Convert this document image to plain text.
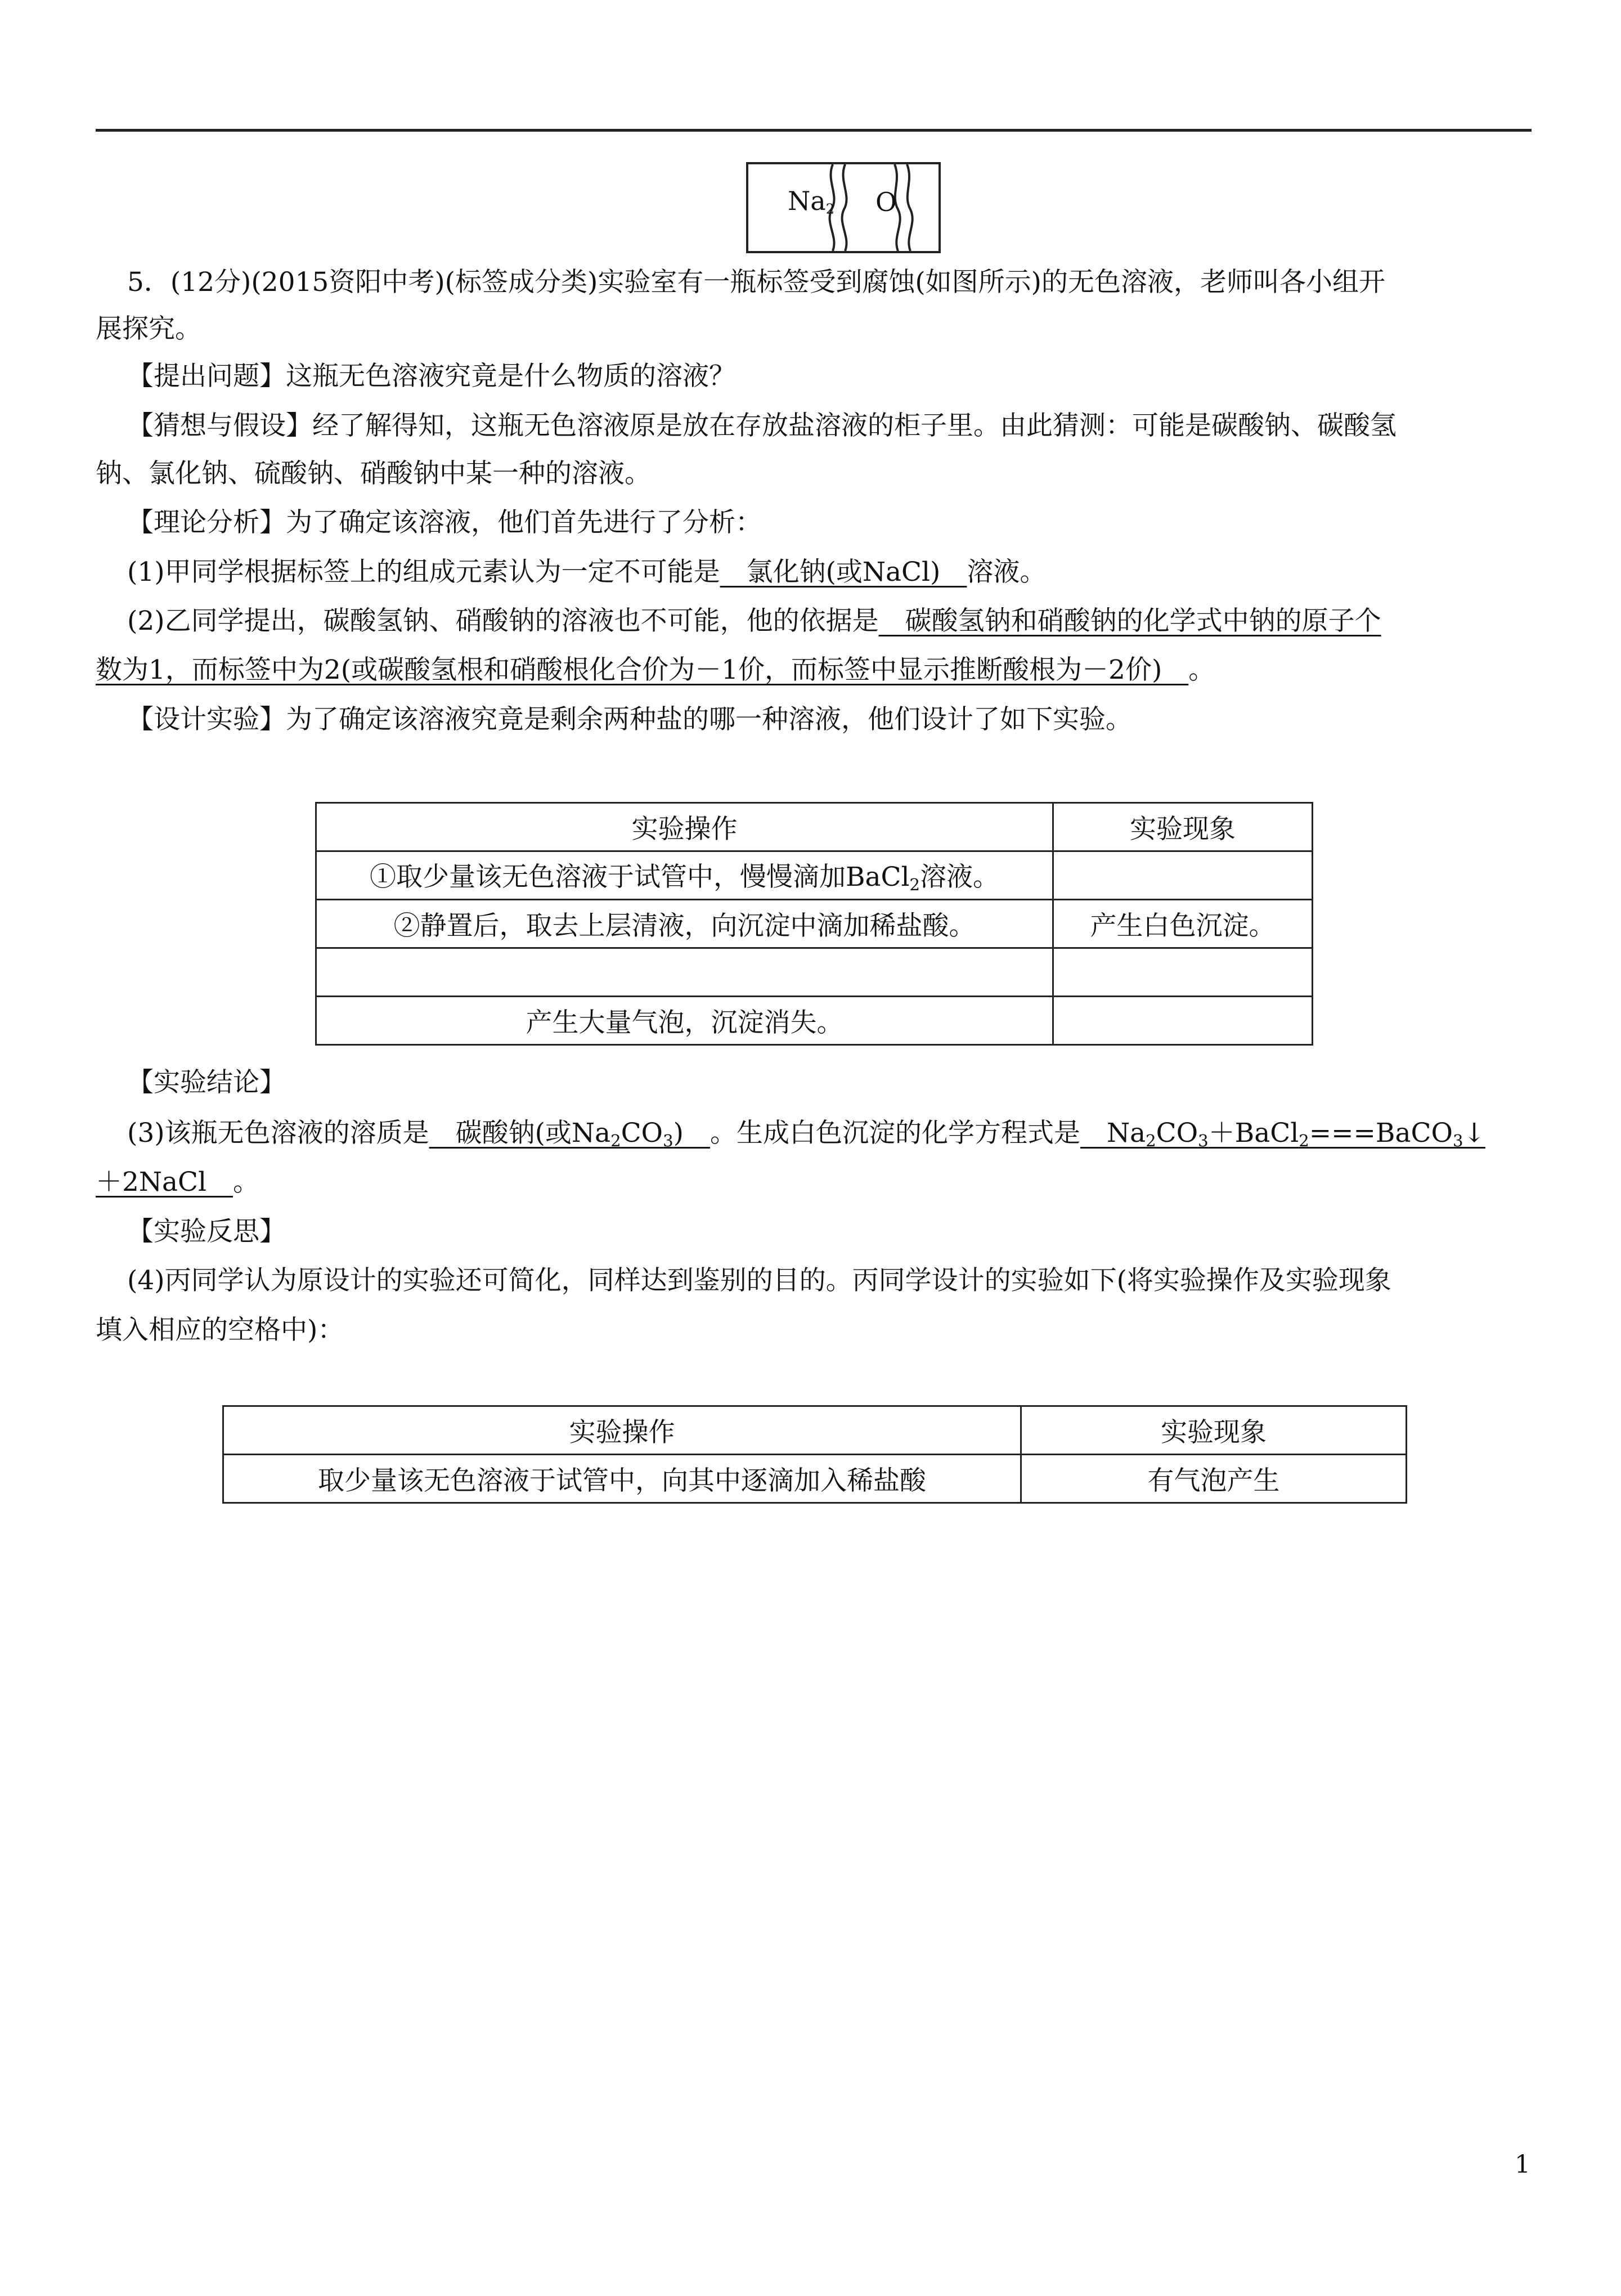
$Na_2$ O
5．(12分)(2015资阳中考)(标签成分类)实验室有一瓶标签受到腐蚀(如图所示)的无色溶液，老师叫各小组开
展探究。
【提出问题】这瓶无色溶液究竟是什么物质的溶液？
【猜想与假设】经了解得知，这瓶无色溶液原是放在存放盐溶液的柜子里。由此猜测：可能是碳酸钠、碳酸氢
钠、氯化钠、硫酸钠、硝酸钠中某一种的溶液。
【理论分析】为了确定该溶液，他们首先进行了分析：
(1)甲同学根据标签上的组成元素认为一定不可能是　氯化钠(或NaCl)　溶液。
(2)乙同学提出，碳酸氢钠、硝酸钠的溶液也不可能，他的依据是　碳酸氢钠和硝酸钠的化学式中钠的原子个
数为1，而标签中为2(或碳酸氢根和硝酸根化合价为－1价，而标签中显示推断酸根为－2价)　。
【设计实验】为了确定该溶液究竟是剩余两种盐的哪一种溶液，他们设计了如下实验。
实验操作	实验现象
①取少量该无色溶液于试管中，慢慢滴加BaCl$_2$溶液。	
②静置后，取去上层清液，向沉淀中滴加稀盐酸。	产生白色沉淀。

产生大量气泡，沉淀消失。	
【实验结论】
(3)该瓶无色溶液的溶质是　碳酸钠(或$Na_2CO_3$)　。生成白色沉淀的化学方程式是　$Na_2CO_3+BaCl_2===BaCO_3↓$
＋2NaCl　。
【实验反思】
(4)丙同学认为原设计的实验还可简化，同样达到鉴别的目的。丙同学设计的实验如下(将实验操作及实验现象
填入相应的空格中)：
实验操作	实验现象
取少量该无色溶液于试管中，向其中逐滴加入稀盐酸	有气泡产生
1
